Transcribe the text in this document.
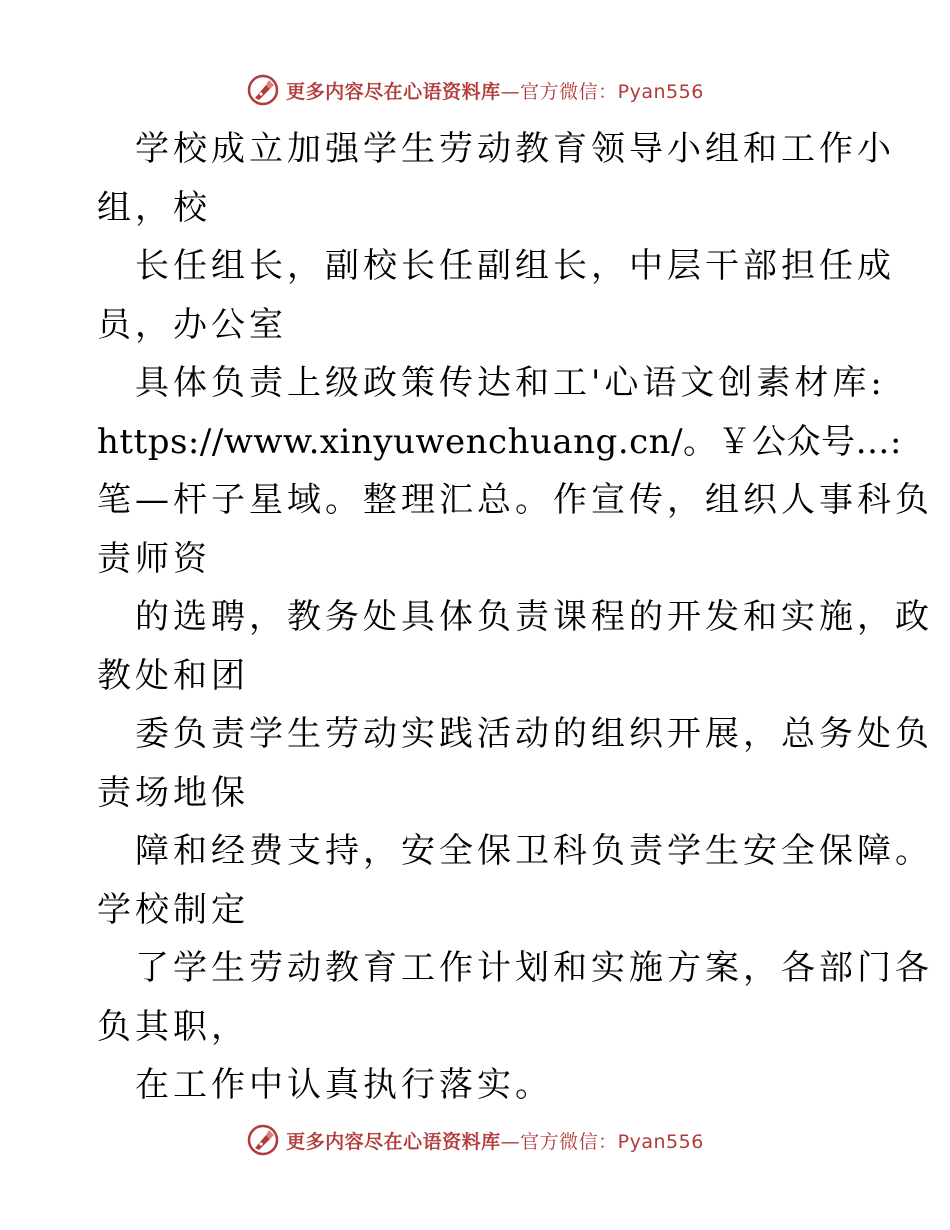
更多内容尽在心语资料库—官方微信：Pyan556
学校成立加强学生劳动教育领导小组和工作小
组，校
长任组长，副校长任副组长，中层干部担任成
员，办公室
具体负责上级政策传达和工'心语文创素材库:
https://www.xinyuwenchuang.cn/。￥公众号…:
笔—杆子星域。整理汇总。作宣传，组织人事科负
责师资
的选聘，教务处具体负责课程的开发和实施，政
教处和团
委负责学生劳动实践活动的组织开展，总务处负
责场地保
障和经费支持，安全保卫科负责学生安全保障。
学校制定
了学生劳动教育工作计划和实施方案，各部门各
负其职，
在工作中认真执行落实。
更多内容尽在心语资料库—官方微信：Pyan556
